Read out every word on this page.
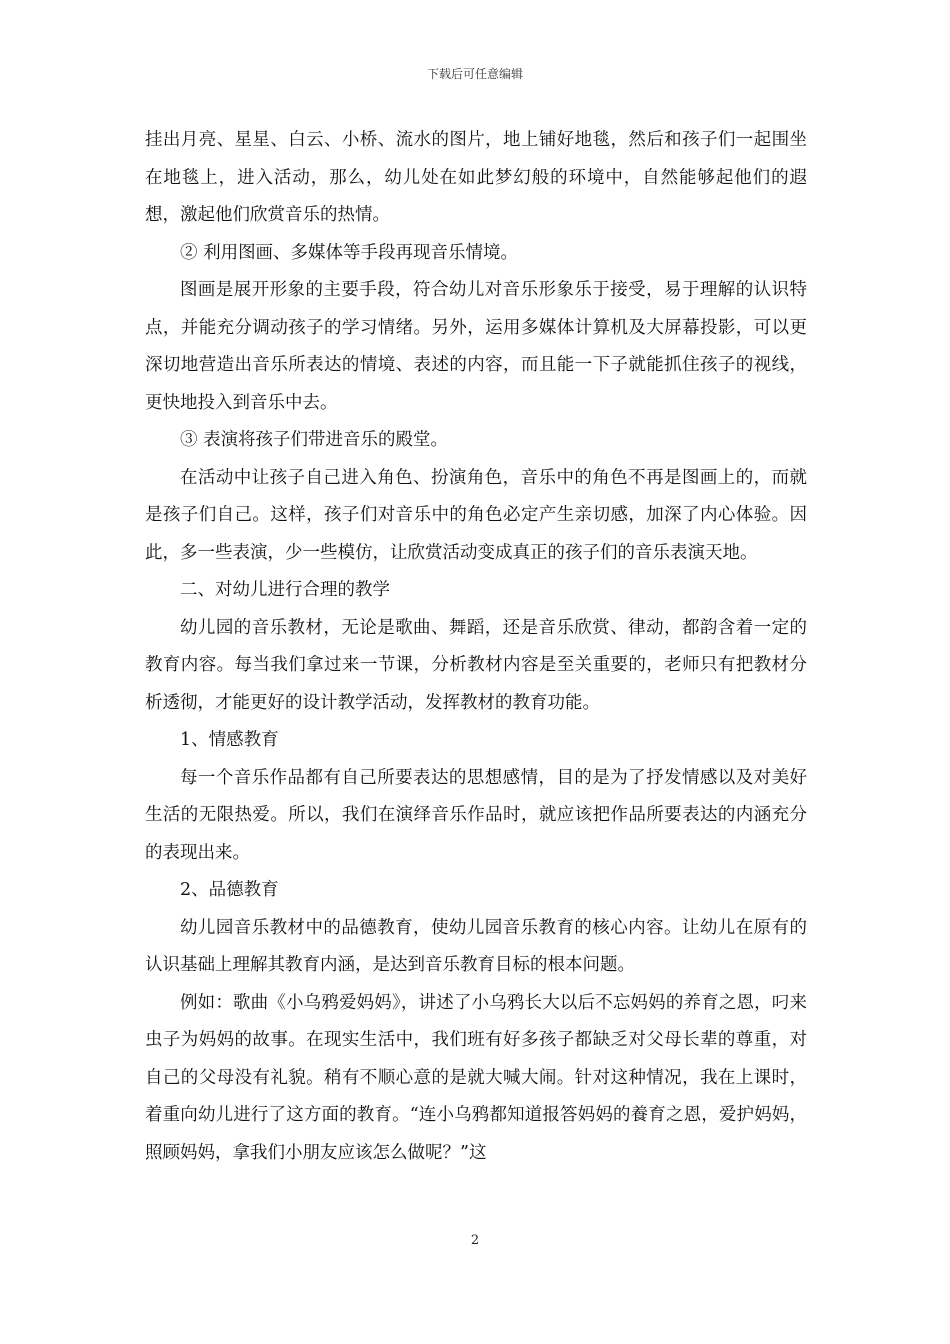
下载后可任意编辑

挂出月亮、星星、白云、小桥、流水的图片，地上铺好地毯，然后和孩子们一起围坐在地毯上，进入活动，那么，幼儿处在如此梦幻般的环境中，自然能够起他们的遐想，激起他们欣赏音乐的热情。

② 利用图画、多媒体等手段再现音乐情境。

图画是展开形象的主要手段，符合幼儿对音乐形象乐于接受，易于理解的认识特点，并能充分调动孩子的学习情绪。另外，运用多媒体计算机及大屏幕投影，可以更深切地营造出音乐所表达的情境、表述的内容，而且能一下子就能抓住孩子的视线，更快地投入到音乐中去。

③ 表演将孩子们带进音乐的殿堂。

在活动中让孩子自己进入角色、扮演角色，音乐中的角色不再是图画上的，而就是孩子们自己。这样，孩子们对音乐中的角色必定产生亲切感，加深了内心体验。因此，多一些表演，少一些模仿，让欣赏活动变成真正的孩子们的音乐表演天地。

二、对幼儿进行合理的教学

幼儿园的音乐教材，无论是歌曲、舞蹈，还是音乐欣赏、律动，都韵含着一定的教育内容。每当我们拿过来一节课，分析教材内容是至关重要的，老师只有把教材分析透彻，才能更好的设计教学活动，发挥教材的教育功能。

1、情感教育

每一个音乐作品都有自己所要表达的思想感情，目的是为了抒发情感以及对美好生活的无限热爱。所以，我们在演绎音乐作品时，就应该把作品所要表达的内涵充分的表现出来。

2、品德教育

幼儿园音乐教材中的品德教育，使幼儿园音乐教育的核心内容。让幼儿在原有的认识基础上理解其教育内涵，是达到音乐教育目标的根本问题。

例如：歌曲《小乌鸦爱妈妈》，讲述了小乌鸦长大以后不忘妈妈的养育之恩，叼来虫子为妈妈的故事。在现实生活中，我们班有好多孩子都缺乏对父母长辈的尊重，对自己的父母没有礼貌。稍有不顺心意的是就大喊大闹。针对这种情况，我在上课时，着重向幼儿进行了这方面的教育。“连小乌鸦都知道报答妈妈的養育之恩，爱护妈妈，照顾妈妈，拿我们小朋友应该怎么做呢？”这

2
